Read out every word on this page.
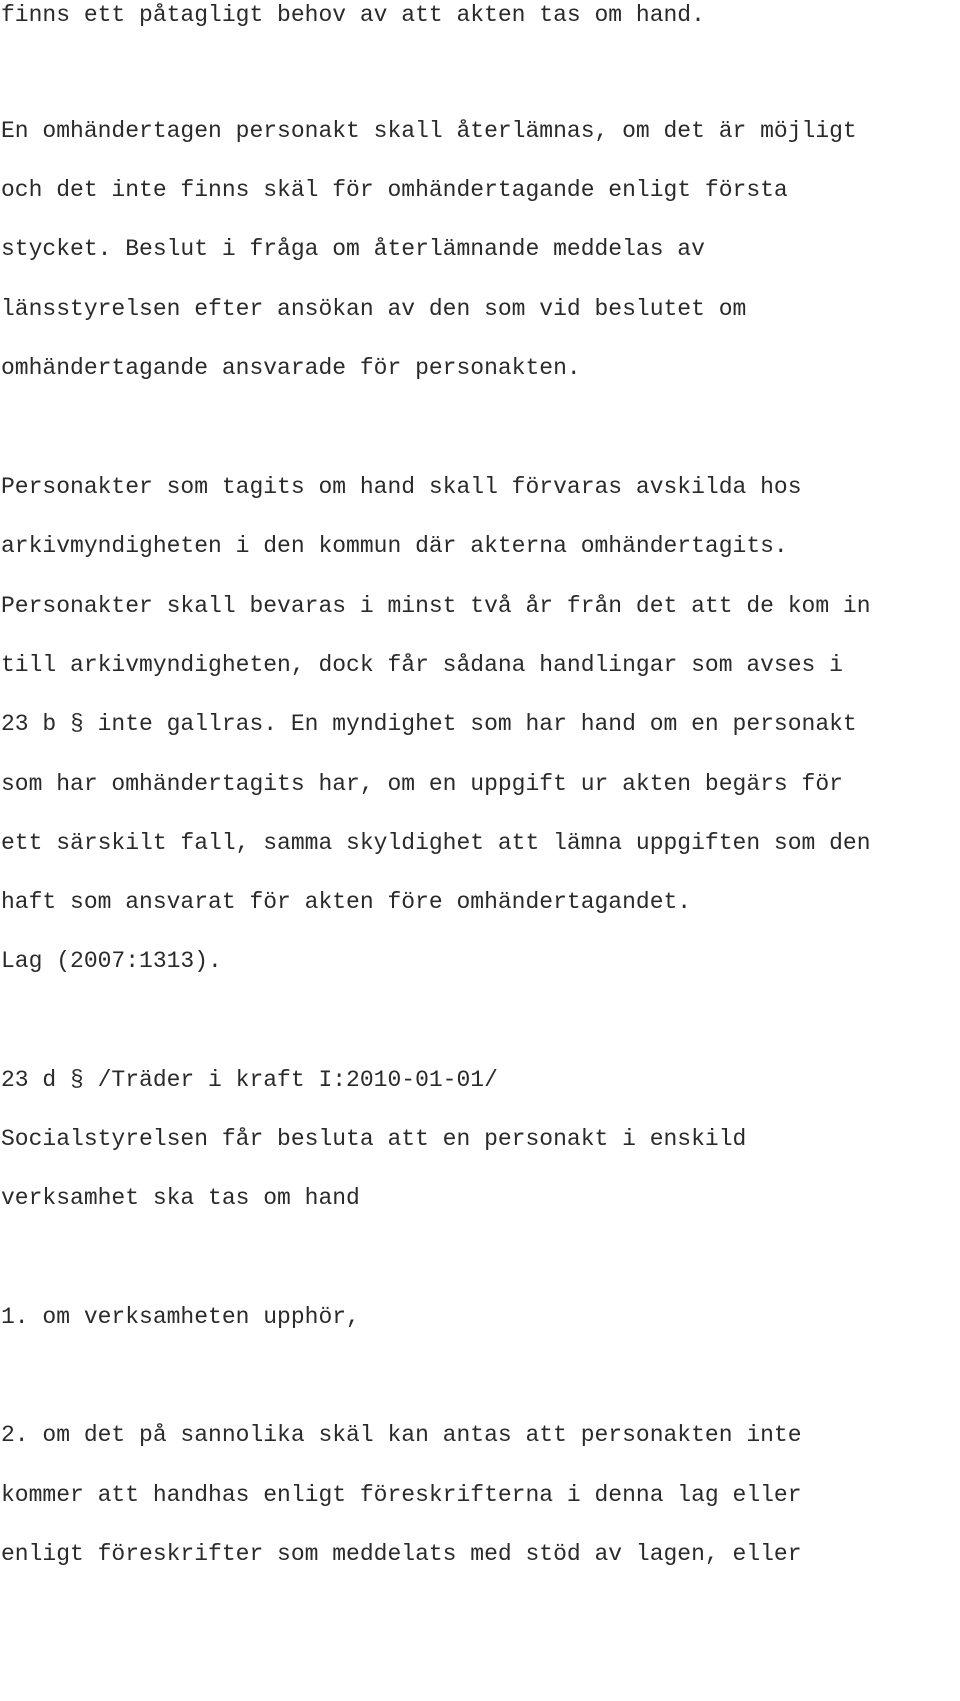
finns ett påtagligt behov av att akten tas om hand.
En omhändertagen personakt skall återlämnas, om det är möjligt
och det inte finns skäl för omhändertagande enligt första
stycket. Beslut i fråga om återlämnande meddelas av
länsstyrelsen efter ansökan av den som vid beslutet om
omhändertagande ansvarade för personakten.
Personakter som tagits om hand skall förvaras avskilda hos
arkivmyndigheten i den kommun där akterna omhändertagits.
Personakter skall bevaras i minst två år från det att de kom in
till arkivmyndigheten, dock får sådana handlingar som avses i
23 b § inte gallras. En myndighet som har hand om en personakt
som har omhändertagits har, om en uppgift ur akten begärs för
ett särskilt fall, samma skyldighet att lämna uppgiften som den
haft som ansvarat för akten före omhändertagandet.
Lag (2007:1313).
23 d § /Träder i kraft I:2010-01-01/
Socialstyrelsen får besluta att en personakt i enskild
verksamhet ska tas om hand
1. om verksamheten upphör,
2. om det på sannolika skäl kan antas att personakten inte
kommer att handhas enligt föreskrifterna i denna lag eller
enligt föreskrifter som meddelats med stöd av lagen, eller
